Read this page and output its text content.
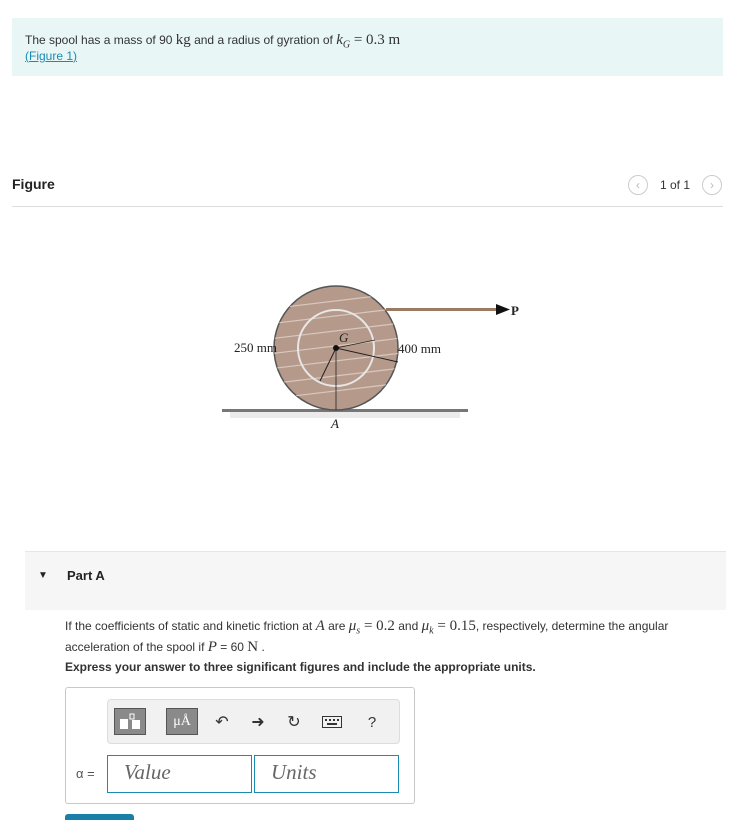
The spool has a mass of 90 kg and a radius of gyration of $k_G = 0.3$ m
(Figure 1)
Figure	‹	1 of 1	›
250 mm	400 mm
G
A
P
▼ Part A
If the coefficients of static and kinetic friction at A are $\mu_s = 0.2$ and $\mu_k = 0.15$, respectively, determine the angular acceleration of the spool if P = 60 N .
Express your answer to three significant figures and include the appropriate units.
μÅ	↶ ➜ ↻	?
α =	Value	Units
